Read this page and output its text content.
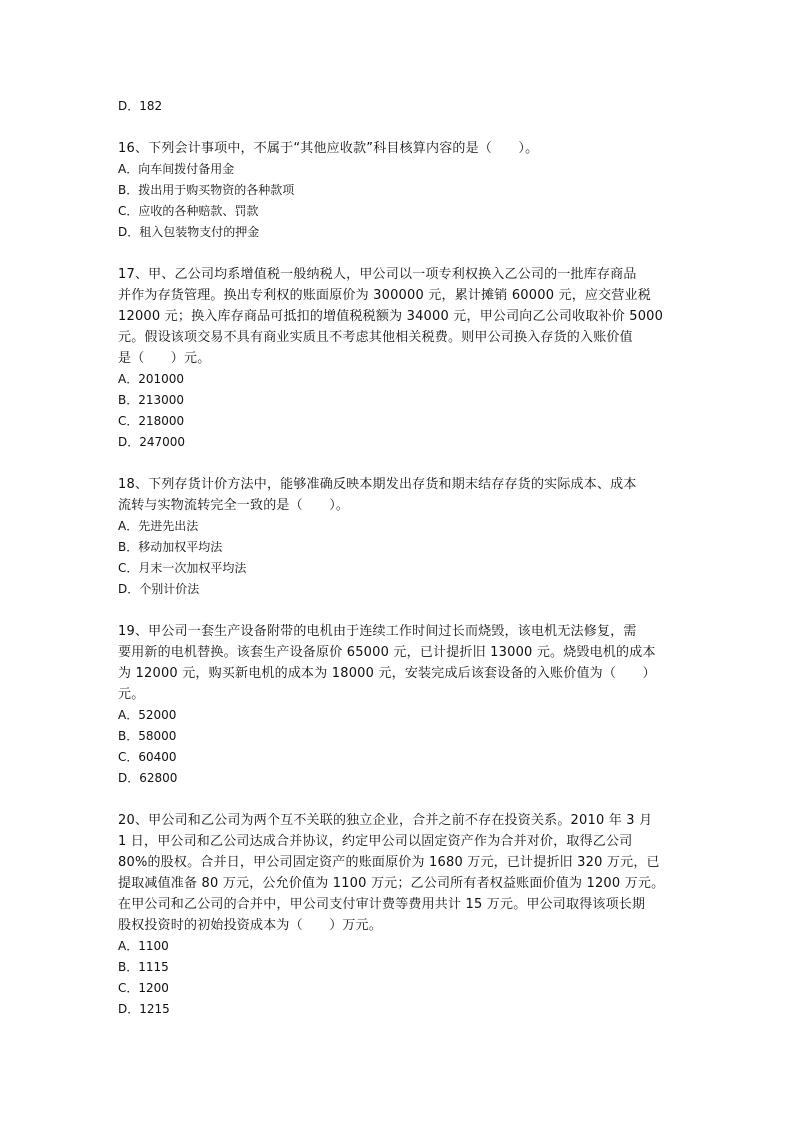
D．182
16、下列会计事项中，不属于“其他应收款”科目核算内容的是（　　）。
A．向车间拨付备用金
B．拨出用于购买物资的各种款项
C．应收的各种赔款、罚款
D．租入包装物支付的押金
17、甲、乙公司均系增值税一般纳税人，甲公司以一项专利权换入乙公司的一批库存商品
并作为存货管理。换出专利权的账面原价为 300000 元，累计摊销 60000 元，应交营业税
12000 元；换入库存商品可抵扣的增值税税额为 34000 元，甲公司向乙公司收取补价 5000
元。假设该项交易不具有商业实质且不考虑其他相关税费。则甲公司换入存货的入账价值
是（　　）元。
A．201000
B．213000
C．218000
D．247000
18、下列存货计价方法中，能够准确反映本期发出存货和期末结存存货的实际成本、成本
流转与实物流转完全一致的是（　　）。
A．先进先出法
B．移动加权平均法
C．月末一次加权平均法
D．个别计价法
19、甲公司一套生产设备附带的电机由于连续工作时间过长而烧毁，该电机无法修复，需
要用新的电机替换。该套生产设备原价 65000 元，已计提折旧 13000 元。烧毁电机的成本
为 12000 元，购买新电机的成本为 18000 元，安装完成后该套设备的入账价值为（　　）
元。
A．52000
B．58000
C．60400
D．62800
20、甲公司和乙公司为两个互不关联的独立企业，合并之前不存在投资关系。2010 年 3 月
1 日，甲公司和乙公司达成合并协议，约定甲公司以固定资产作为合并对价，取得乙公司
80%的股权。合并日，甲公司固定资产的账面原价为 1680 万元，已计提折旧 320 万元，已
提取减值准备 80 万元，公允价值为 1100 万元；乙公司所有者权益账面价值为 1200 万元。
在甲公司和乙公司的合并中，甲公司支付审计费等费用共计 15 万元。甲公司取得该项长期
股权投资时的初始投资成本为（　　）万元。
A．1100
B．1115
C．1200
D．1215
